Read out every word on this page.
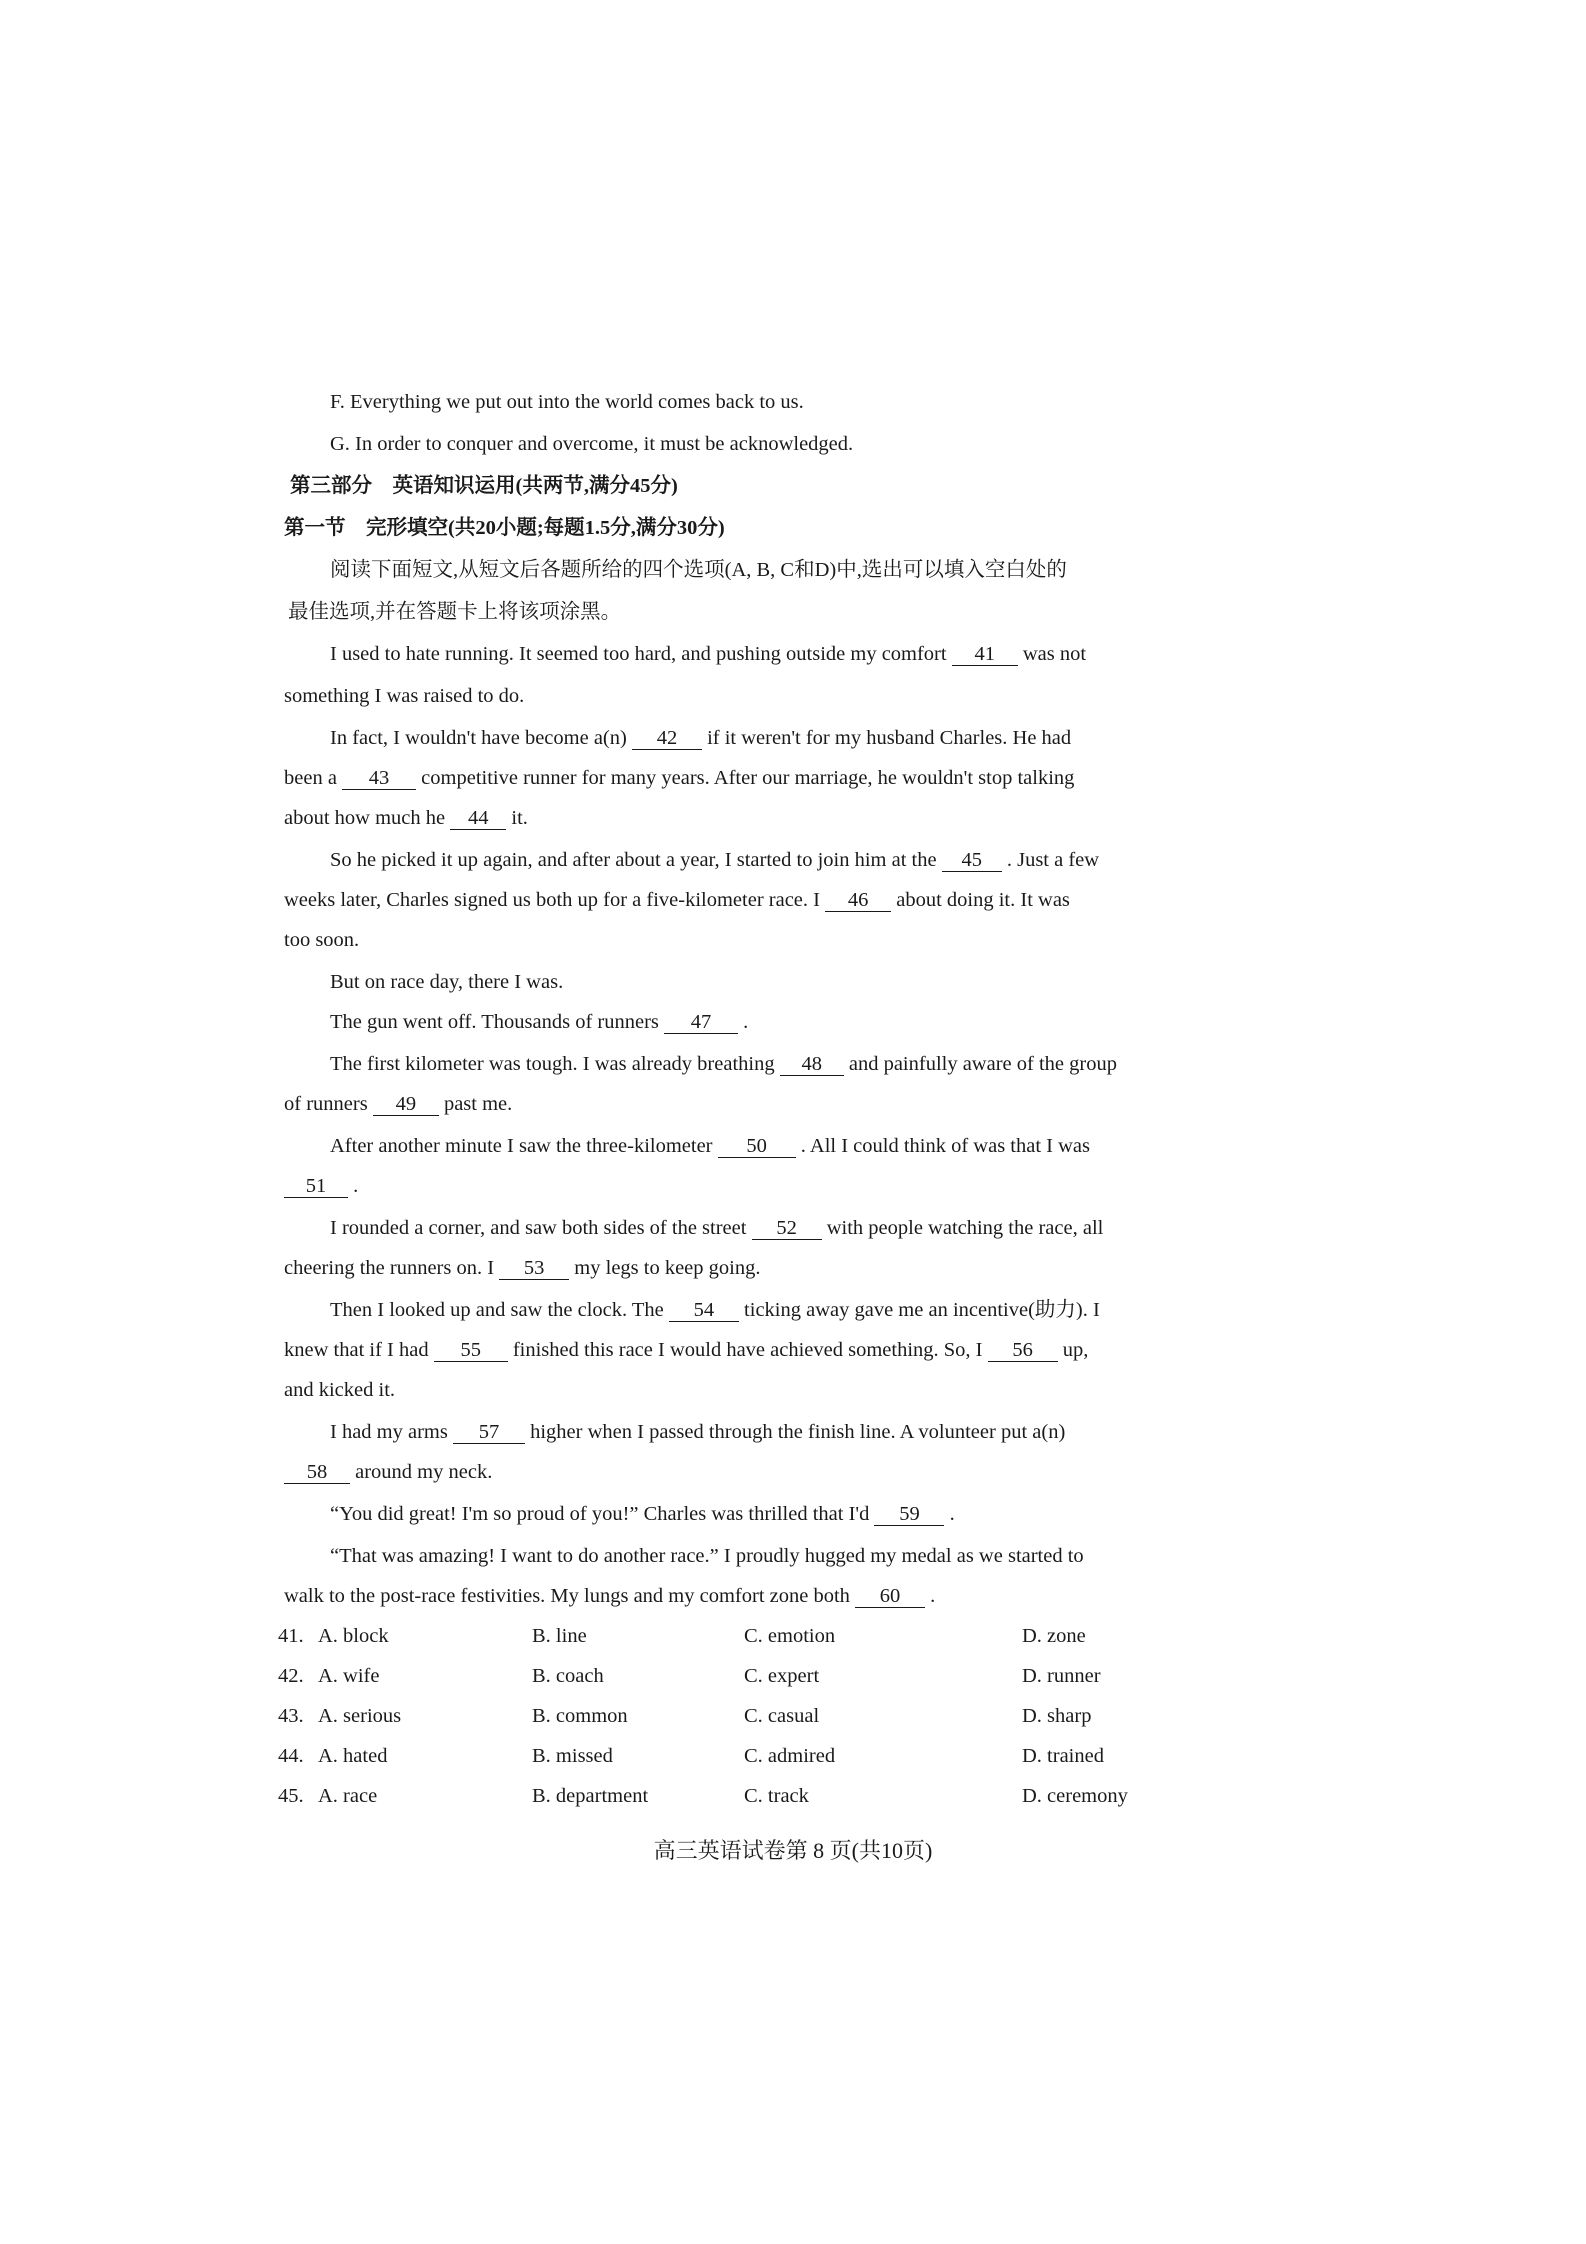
F. Everything we put out into the world comes back to us.
G. In order to conquer and overcome, it must be acknowledged.
第三部分　英语知识运用(共两节,满分45分)
第一节　完形填空(共20小题;每题1.5分,满分30分)
阅读下面短文,从短文后各题所给的四个选项(A, B, C和D)中,选出可以填入空白处的
最佳选项,并在答题卡上将该项涂黑。
I used to hate running. It seemed too hard, and pushing outside my comfort 41 was not
something I was raised to do.
In fact, I wouldn't have become a(n) 42 if it weren't for my husband Charles. He had
been a 43 competitive runner for many years. After our marriage, he wouldn't stop talking
about how much he 44 it.
So he picked it up again, and after about a year, I started to join him at the 45 . Just a few
weeks later, Charles signed us both up for a five-kilometer race. I 46 about doing it. It was
too soon.
But on race day, there I was.
The gun went off. Thousands of runners 47 .
The first kilometer was tough. I was already breathing 48 and painfully aware of the group
of runners 49 past me.
After another minute I saw the three-kilometer 50 . All I could think of was that I was
51 .
I rounded a corner, and saw both sides of the street 52 with people watching the race, all
cheering the runners on. I 53 my legs to keep going.
Then I looked up and saw the clock. The 54 ticking away gave me an incentive(助力). I
knew that if I had 55 finished this race I would have achieved something. So, I 56 up,
and kicked it.
I had my arms 57 higher when I passed through the finish line. A volunteer put a(n)
58 around my neck.
“You did great! I'm so proud of you!” Charles was thrilled that I'd 59 .
“That was amazing! I want to do another race.” I proudly hugged my medal as we started to
walk to the post-race festivities. My lungs and my comfort zone both 60 .
41. A. block	B. line	C. emotion	D. zone
42. A. wife	B. coach	C. expert	D. runner
43. A. serious	B. common	C. casual	D. sharp
44. A. hated	B. missed	C. admired	D. trained
45. A. race	B. department	C. track	D. ceremony
高三英语试卷第 8 页(共10页)
